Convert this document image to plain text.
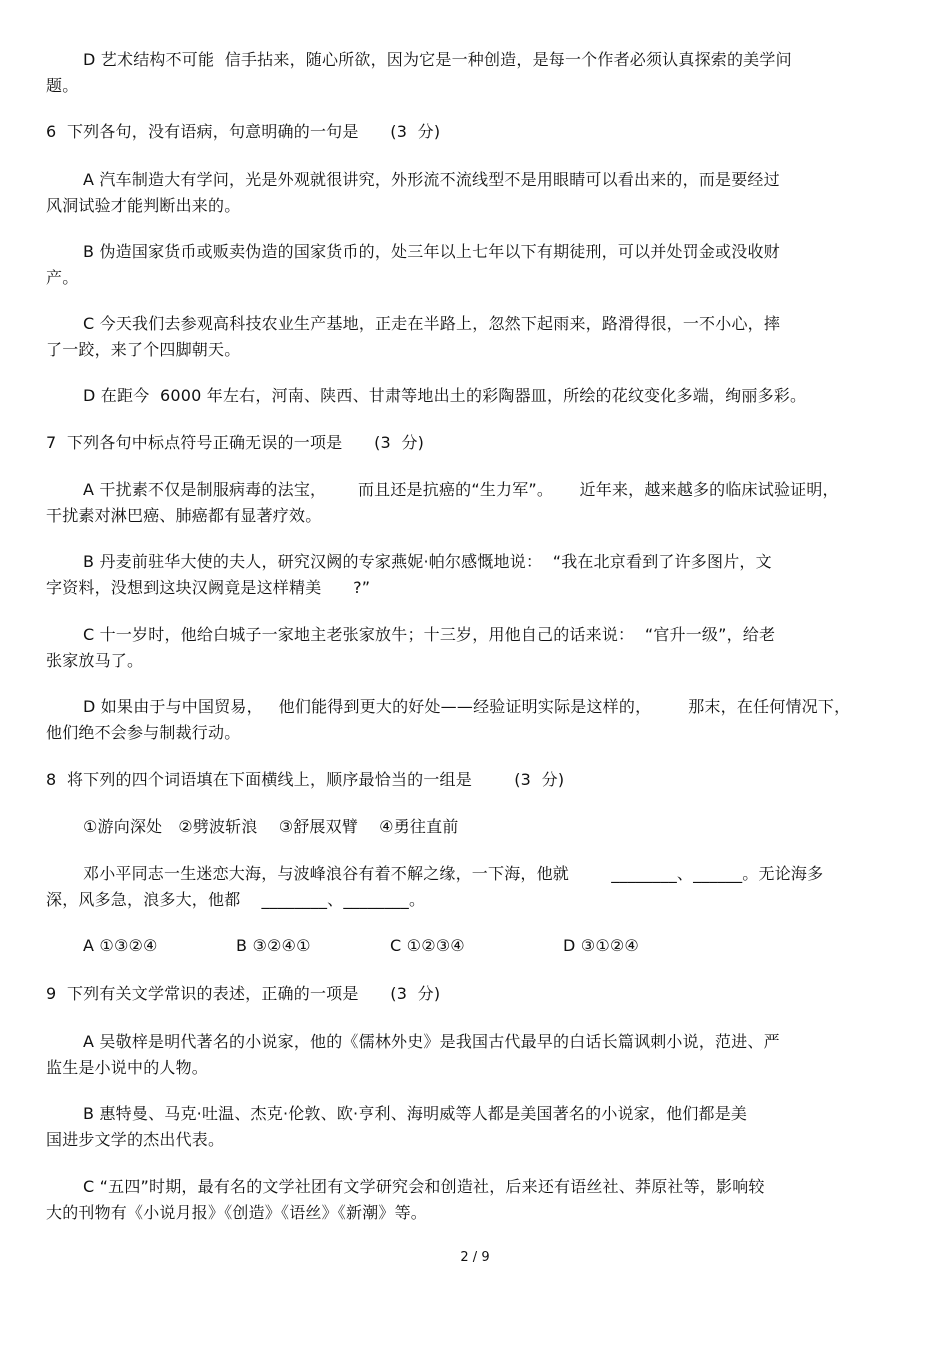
D 艺术结构不可能  信手拈来，随心所欲，因为它是一种创造，是每一个作者必须认真探索的美学问
题。
6  下列各句，没有语病，句意明确的一句是      (3  分)
A 汽车制造大有学问，光是外观就很讲究，外形流不流线型不是用眼睛可以看出来的，而是要经过
风洞试验才能判断出来的。
B 伪造国家货币或贩卖伪造的国家货币的，处三年以上七年以下有期徒刑，可以并处罚金或没收财
产。
C 今天我们去参观高科技农业生产基地，正走在半路上，忽然下起雨来，路滑得很，一不小心，摔
了一跤，来了个四脚朝天。
D 在距今  6000 年左右，河南、陕西、甘肃等地出土的彩陶器皿，所绘的花纹变化多端，绚丽多彩。
7  下列各句中标点符号正确无误的一项是      (3  分)
A 干扰素不仅是制服病毒的法宝，      而且还是抗癌的“生力军”。     近年来，越来越多的临床试验证明，
干扰素对淋巴癌、肺癌都有显著疗效。
B 丹麦前驻华大使的夫人，研究汉阙的专家燕妮·帕尔感慨地说：  “我在北京看到了许多图片，文
字资料，没想到这块汉阙竟是这样精美      ?”
C 十一岁时，他给白城子一家地主老张家放牛；十三岁，用他自己的话来说：  “官升一级”，给老
张家放马了。
D 如果由于与中国贸易，   他们能得到更大的好处——经验证明实际是这样的，       那末，在任何情况下，
他们绝不会参与制裁行动。
8  将下列的四个词语填在下面横线上，顺序最恰当的一组是        (3  分)
①游向深处   ②劈波斩浪    ③舒展双臂    ④勇往直前
邓小平同志一生迷恋大海，与波峰浪谷有着不解之缘，一下海，他就        ________、______。无论海多
深，风多急，浪多大，他都    ________、________。
A ①③②④	B ③②④①	C ①②③④	D ③①②④
9  下列有关文学常识的表述，正确的一项是      (3  分)
A 吴敬梓是明代著名的小说家，他的《儒林外史》是我国古代最早的白话长篇讽刺小说，范进、严
监生是小说中的人物。
B 惠特曼、马克·吐温、杰克·伦敦、欧·亨利、海明威等人都是美国著名的小说家，他们都是美
国进步文学的杰出代表。
C “五四”时期，最有名的文学社团有文学研究会和创造社，后来还有语丝社、莽原社等，影响较
大的刊物有《小说月报》《创造》《语丝》《新潮》等。
2 / 9
